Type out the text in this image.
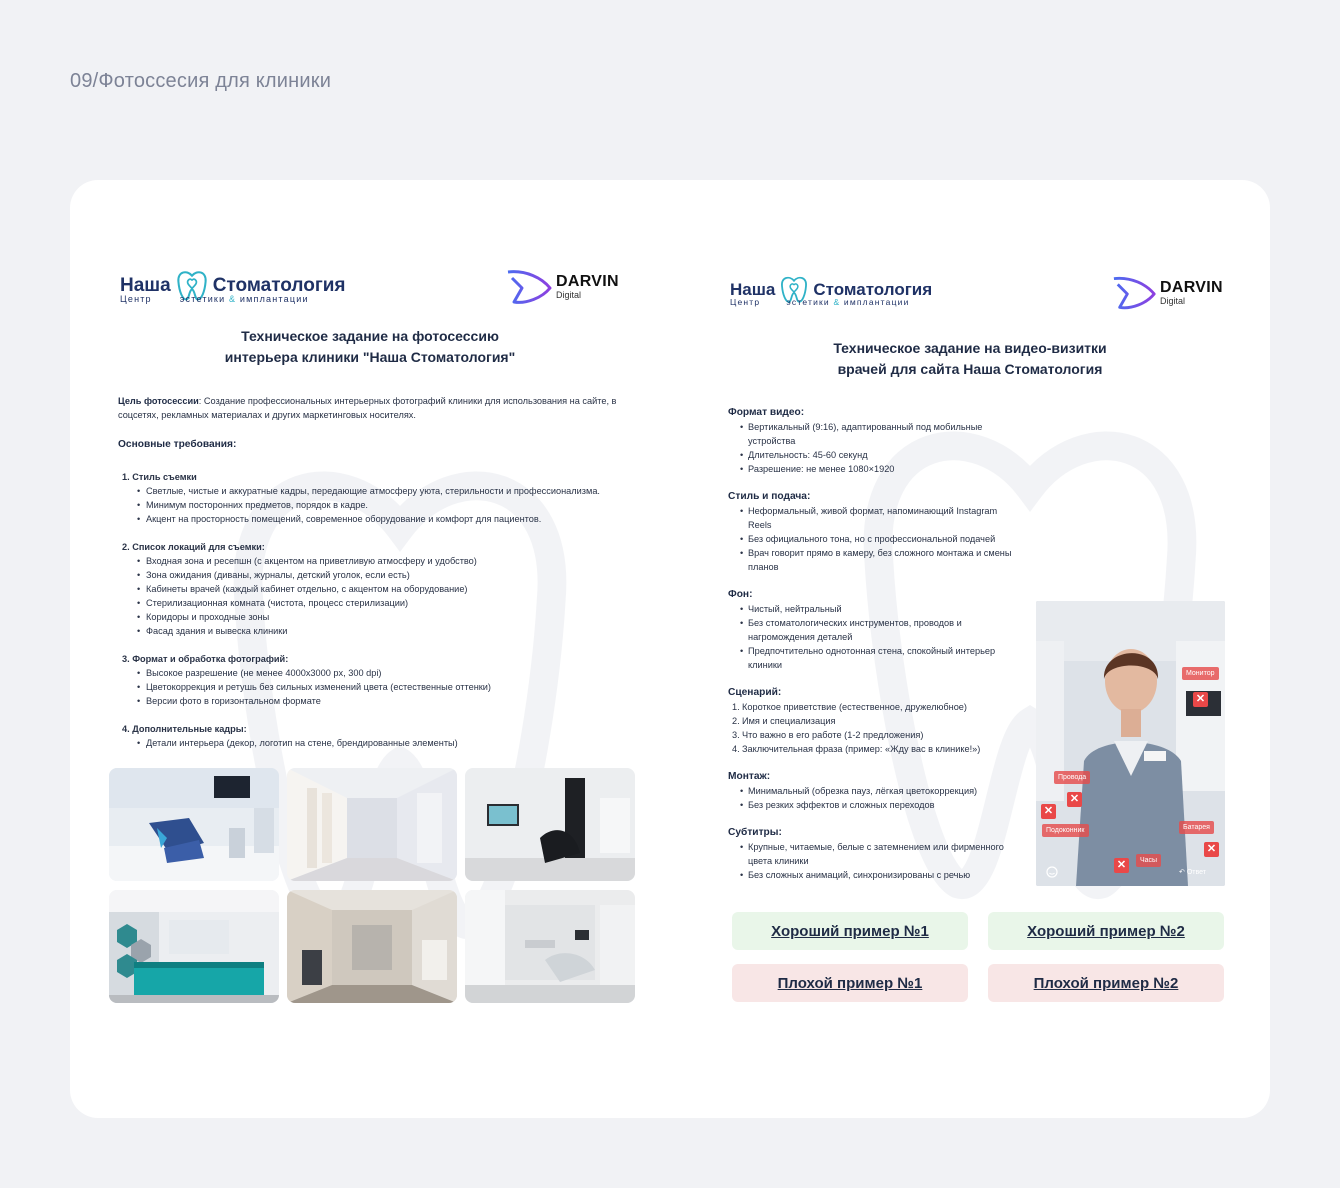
09/Фотоссесия для клиники
Наша Стоматология
Центр	эстетики & имплантации
DARVIN
Digital
Техническое задание на фотосессию
интерьера клиники "Наша Стоматология"
Цель фотосессии: Создание профессиональных интерьерных фотографий клиники для использования на сайте, в соцсетях, рекламных материалах и других маркетинговых носителях.
Основные требования:
1. Стиль съемки
• Светлые, чистые и аккуратные кадры, передающие атмосферу уюта, стерильности и профессионализма.
• Минимум посторонних предметов, порядок в кадре.
• Акцент на просторность помещений, современное оборудование и комфорт для пациентов.
2. Список локаций для съемки:
• Входная зона и ресепшн (с акцентом на приветливую атмосферу и удобство)
• Зона ожидания (диваны, журналы, детский уголок, если есть)
• Кабинеты врачей (каждый кабинет отдельно, с акцентом на оборудование)
• Стерилизационная комната (чистота, процесс стерилизации)
• Коридоры и проходные зоны
• Фасад здания и вывеска клиники
3. Формат и обработка фотографий:
• Высокое разрешение (не менее 4000x3000 px, 300 dpi)
• Цветокоррекция и ретушь без сильных изменений цвета (естественные оттенки)
• Версии фото в горизонтальном формате
4. Дополнительные кадры:
• Детали интерьера (декор, логотип на стене, брендированные элементы)
Наша Стоматология
Центр	эстетики & имплантации
DARVIN
Digital
Техническое задание на видео-визитки
врачей для сайта Наша Стоматология
Формат видео:
• Вертикальный (9:16), адаптированный под мобильные устройства
• Длительность: 45-60 секунд
• Разрешение: не менее 1080×1920
Стиль и подача:
• Неформальный, живой формат, напоминающий Instagram Reels
• Без официального тона, но с профессиональной подачей
• Врач говорит прямо в камеру, без сложного монтажа и смены планов
Фон:
• Чистый, нейтральный
• Без стоматологических инструментов, проводов и нагромождения деталей
• Предпочтительно однотонная стена, спокойный интерьер клиники
Сценарий:
1. Короткое приветствие (естественное, дружелюбное)
2. Имя и специализация
3. Что важно в его работе (1-2 предложения)
4. Заключительная фраза (пример: «Жду вас в клинике!»)
Монтаж:
• Минимальный (обрезка пауз, лёгкая цветокоррекция)
• Без резких эффектов и сложных переходов
Субтитры:
• Крупные, читаемые, белые с затемнением или фирменного цвета клиники
• Без сложных анимаций, синхронизированы с речью
Монитор
✕
Провода
✕
✕
Подоконник	Батарея
✕
Часы
✕
↶ Ответ
Хороший пример №1	Хороший пример №2
Плохой пример №1	Плохой пример №2
